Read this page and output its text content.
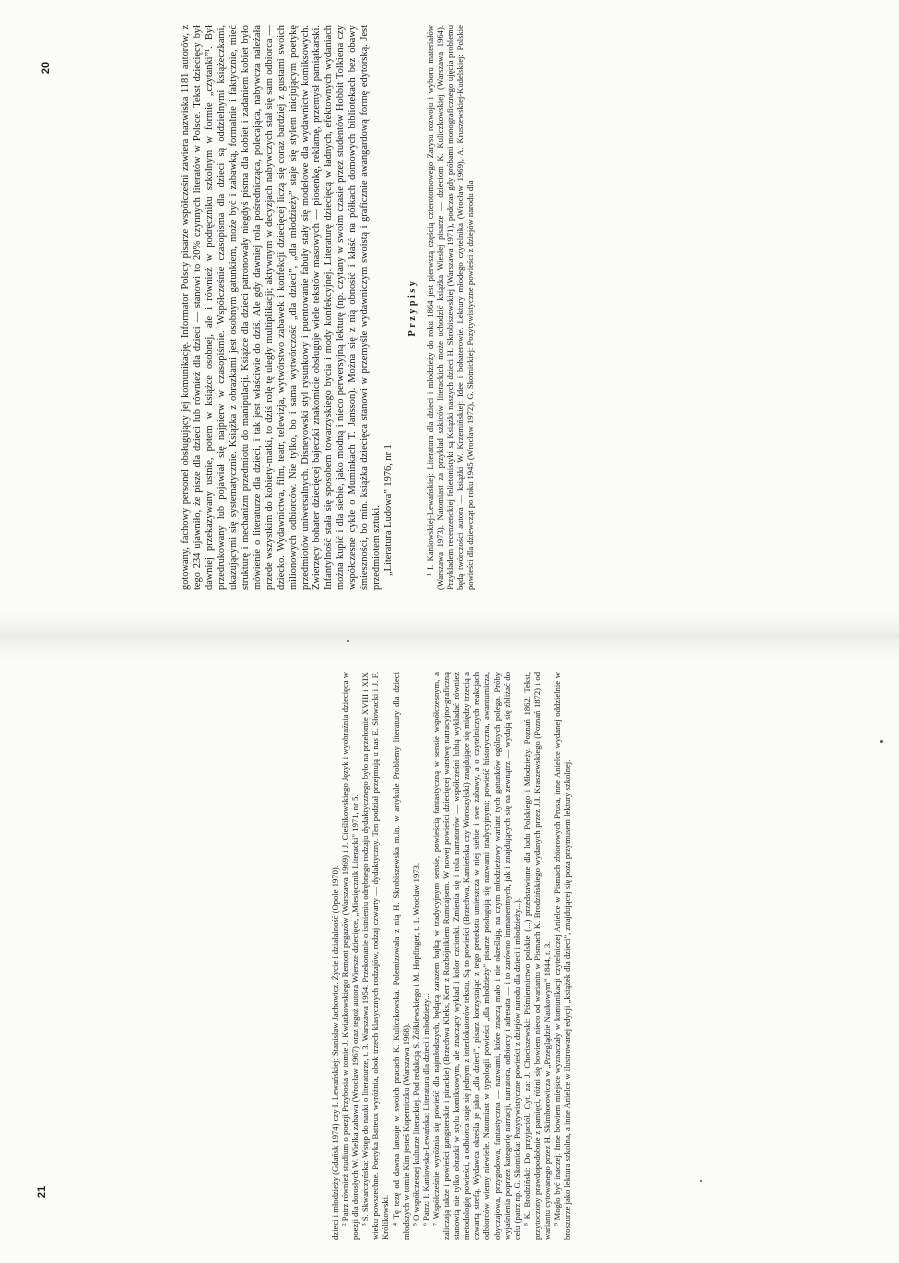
20
21

gotowany, fachowy personel obsługujący jej komunikację. Informator Polscy pisarze współcześni zawiera nazwiska 1181 autorów, z tego 234 ujawniło, że pisze dla dzieci lub również dla dzieci — stanowi to 20% czynnych literatów w Polsce. Tekst dziecięcy był dawniej przekazywany ustnie, potem w książce osobnej, ale i również w podręczniku szkolnym w formie „czytanki”¹. Był przedrukowany lub pojawiał się najpierw w czasopiśmie. Współcześnie czasopisma dla dzieci są oddzielnymi książeczkami, ukazującymi się systematycznie. Książka z obrazkami jest osobnym gatunkiem, może być i zabawką, formalnie i faktycznie, mieć strukturę i mechanizm przedmiotu do manipulacji. Książce dla dzieci patronowały niegdyś pisma dla kobiet i zadaniem kobiet było mówienie o literaturze dla dzieci, i tak jest właściwie do dziś. Ale gdy dawniej rola pośrednicząca, polecająca, nabywcza należała przede wszystkim do kobiety-matki, to dziś rolę tę uległy multiplikacji; aktywnym w decyzjach nabywczych stał się sam odbiorca — dziecko. Wydawnictwa, film, teatr, telewizja, wytwórstwo zabawek i konfekcji dziecięcej liczą się coraz bardziej z gustami swoich milionowych odbiorców. Nie tylko, bo i sama wytwórczość „dla dzieci”, „dla młodzieży” staje się stylem inicjującym poetykę przedmiotów uniwersalnych. Disneyowski styl rysunkowy i puentowanie fabuły stały się modelowe dla wydawnictw komiksowych. Zwierzęcy bohater dziecięcej bajeczki znakomicie obsługuje wiele tekstów masowych — piosenkę, reklamę, przemysł pamiątkarski. Infantylność stała się sposobem towarzyskiego bycia i mody konfekcyjnej. Literaturę dziecięcą w ładnych, efektownych wydaniach można kupić i dla siebie, jako modną i nieco perwersyjną lekturę (np. czytany w swoim czasie przez studentów Hobbit Tolkiena czy współczesne cykle o Muminkach T. Jansson). Można się z nią obnosić i kłaść na półkach domowych bibliotekach bez obawy śmieszności, bo min. książka dziecięca stanowi w przemyśle wydawniczym swoistą i graficznie awangardową formę edytorską. Jest przedmiotem sztuki. „Literatura Ludowa” 1976, nr 1

Przypisy ¹ I. Kaniowskiej-Lewańskiej: Literatura dla dzieci i młodzieży do roku 1864 jest pierwszą częścią czterotomowego Zarysu rozwoju i wyboru materiałów (Warszawa 1973). Natomiast za przykład szkiców literackich może uchodzić książka Wiesłej pisarze — dzieciom K. Kuliczkowskiej (Warszawa 1964). Przykładem recenzenckiej felietonistyki są Książki naszych dzieci H. Skrobiszewskiej (Warszawa 1971), podczas gdy próbami monograficznego ujęcia problemu będą twórczości autora — książki W. Krzemińskiej: Idee i bohaterowie. Lektury młodego czytelnika (Wrocław 1969), A. Kruszewskiej-Kudelskiej: Polskie powieści dla dziewcząt po roku 1945 (Wrocław 1972), G. Skotnickiej: Pozytywistyczne powieści z dziejów narodu dla

dzieci i młodzieży (Gdańsk 1974) czy I. Lewańskiej: Stanisław Jachowicz. Życie i działalność (Opole 1970). ² Patrz również studium o poezji Przybosia w tomie J. Kwiatkowskiego Remont pegazów (Warszawa 1969) i J. Cieślikowskiego Język i wyobraźnia dziecięca w poezji dla dorosłych W. Wielka zabawa (Wrocław 1967) oraz tegoż autora Wiersze dziecięce, „Miesięcznik Literacki” 1971, nr 5. ³ S. Skwarczyńska: Wstęp do nauki o literaturze, t. 3. Warszawa 1954. Przekonanie o istnieniu odrębnego rodzaju dydaktycznego było na przełomie XVIII i XIX wieku powszechne. Poetyka Batteux wyróżnia, obok trzech klasycznych rodzajów, rodzaj czwarty — dydaktyczny. Ten podział przejmują u nas E. Słowacki i J. F. Królikowski. ⁴ Tę tezę od dawna lansuje w swoich pracach K. Kuliczkowska. Polemizowała z nią H. Skrobiszewska m.in. w artykule Problemy literatury dla dzieci młodszych w tomie Kim jesteś Koperniczku (Warszawa 1968). ⁵ O współczesnej kulturze literackiej. Pod redakcją S. Żółkiewskiego i M. Hopfinger, t. 1. Wrocław 1973. ⁶ Patrz: I. Kaniowska-Lewańska: Literatura dla dzieci i młodzieży... ⁷ Współcześnie wyróżnia się powieść dla najmłodszych, będącą zarazem bajką w tradycyjnym sensie, powieścią fantastyczną w sensie współczesnym, a zaliczają także i powieści gangsterskie i pirackie) (Brzechwa Kleks, Kerr z Rozbójnikiem Rumcajsem. W nowej powieści dziecięcej warstwę narracyjno-graficzną stanowią nie tylko obrazki w stylu komiksowym, ale znaczący wykład i kolor czcionki. Zmienia się i rola narratorów — współcześni lubią wykładać również metodologię powieści, a odbiorca staje się jednym z interlokutorów tekstu. Są to powieści (Brzechwa, Kamieńska czy Woroszylski) znajdujące się między trzecią a czwartą strefą. Wydawca określa je jako „dla dzieci”, pisarz korzystając z tego pretekstu umieszcza w niej siebie i swe zabawy, a o czytelniczych reakcjach odbiorców wiemy niewiele. Natomiast w typologii powieści „dla młodzieży” pisarze posługują się nazwami tradycyjnymi: powieść historyczna, awanturnicza, obyczajowa, przygodowa, fantastyczna — nazwami, które znaczą mało i nie określają, na czym młodzieżowy wariant tych gatunków ogólnych polega. Próby wyjaśnienia poprzez kategorię narracji, narratora, odbiorcy i adresata — i to zarówno immanentnych, jak i znajdujących się na zewnątrz — wydają się zbliżać do celu (patrz np. G. Skotnicka: Pozytywistyczne powieści z dziejów narodu dla dzieci i młodzieży...). ⁸ K. Brodziński: Do przyjaciół. Cyt. za: J. Chociszewski: Piśmiennictwo polskie (...) przedstawione dla ludu Polskiego i Młodzieży. Poznań 1862. Tekst, przytoczony prawdopodobnie z pamięci, różni się bowiem nieco od wariantu w Pismach K. Brodzińskiego wydanych przez J.I. Kraszewskiego (Poznań 1872) i od wariantu cytowanego przez H. Skimborowicza w „Przeglądzie Naukowym” 1844, t. 3. ⁹ Mogło być inaczej. Inne bowiem miejsce wyznaczały w komunikacji czytelniczej Anielce w Pismach zbiorowych Prusa, inne Anielce wydanej oddzielnie w broszurze jako lektura szkolna, a inne Anielce w ilustrowanej edycji „książek dla dzieci”, znajdującej się poza przymusem lektury szkolnej.
